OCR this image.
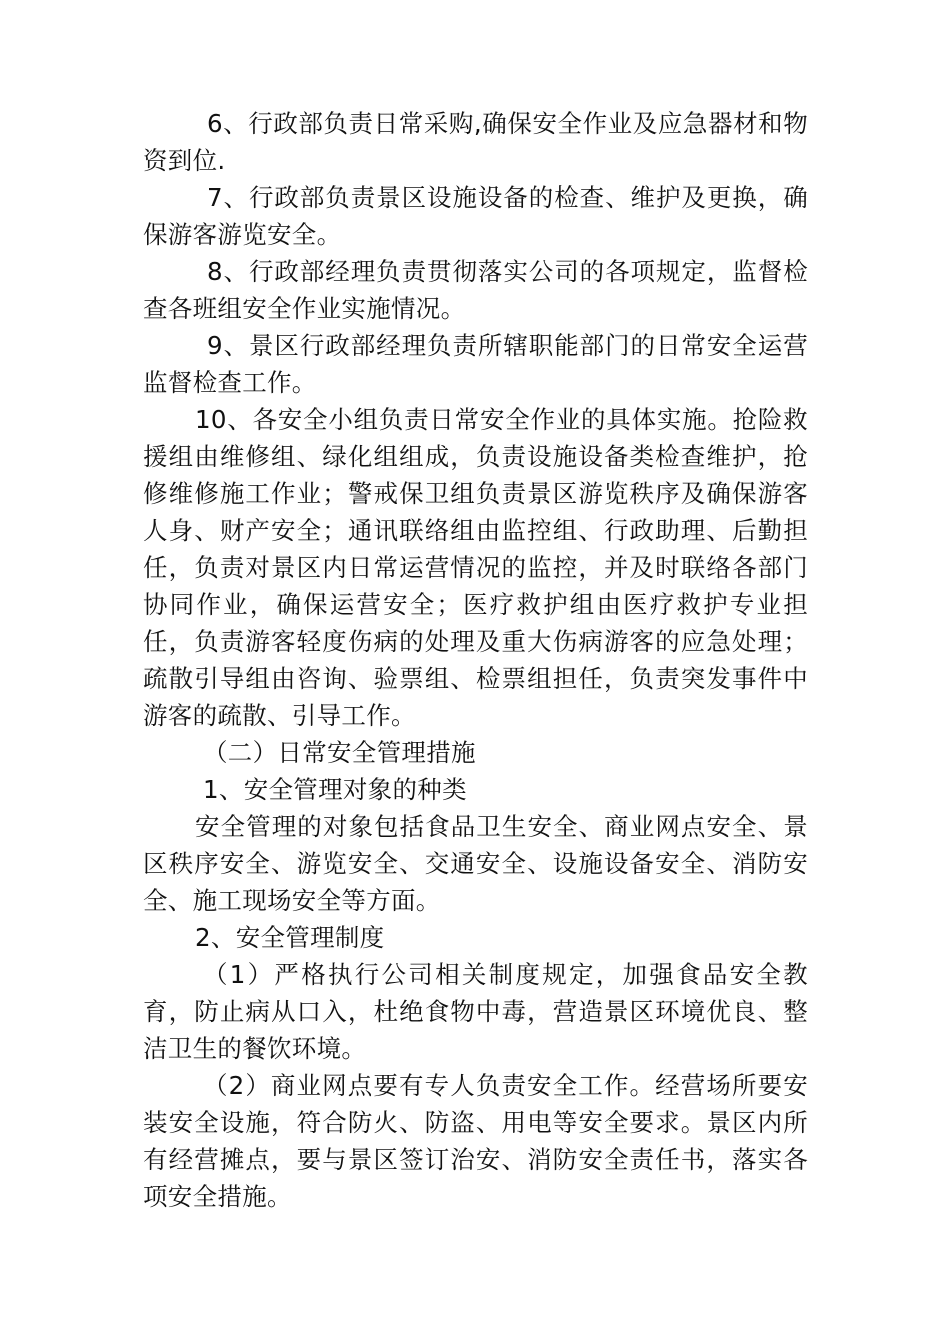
6、行政部负责日常采购,确保安全作业及应急器材和物资到位.

7、行政部负责景区设施设备的检查、维护及更换，确保游客游览安全。

8、行政部经理负责贯彻落实公司的各项规定，监督检查各班组安全作业实施情况。

9、景区行政部经理负责所辖职能部门的日常安全运营监督检查工作。

10、各安全小组负责日常安全作业的具体实施。抢险救援组由维修组、绿化组组成，负责设施设备类检查维护，抢修维修施工作业；警戒保卫组负责景区游览秩序及确保游客人身、财产安全；通讯联络组由监控组、行政助理、后勤担任，负责对景区内日常运营情况的监控，并及时联络各部门协同作业，确保运营安全；医疗救护组由医疗救护专业担任，负责游客轻度伤病的处理及重大伤病游客的应急处理；疏散引导组由咨询、验票组、检票组担任，负责突发事件中游客的疏散、引导工作。

（二）日常安全管理措施

1、安全管理对象的种类

安全管理的对象包括食品卫生安全、商业网点安全、景区秩序安全、游览安全、交通安全、设施设备安全、消防安全、施工现场安全等方面。

2、安全管理制度

（1）严格执行公司相关制度规定，加强食品安全教育，防止病从口入，杜绝食物中毒，营造景区环境优良、整洁卫生的餐饮环境。

（2）商业网点要有专人负责安全工作。经营场所要安装安全设施，符合防火、防盗、用电等安全要求。景区内所有经营摊点，要与景区签订治安、消防安全责任书，落实各项安全措施。
